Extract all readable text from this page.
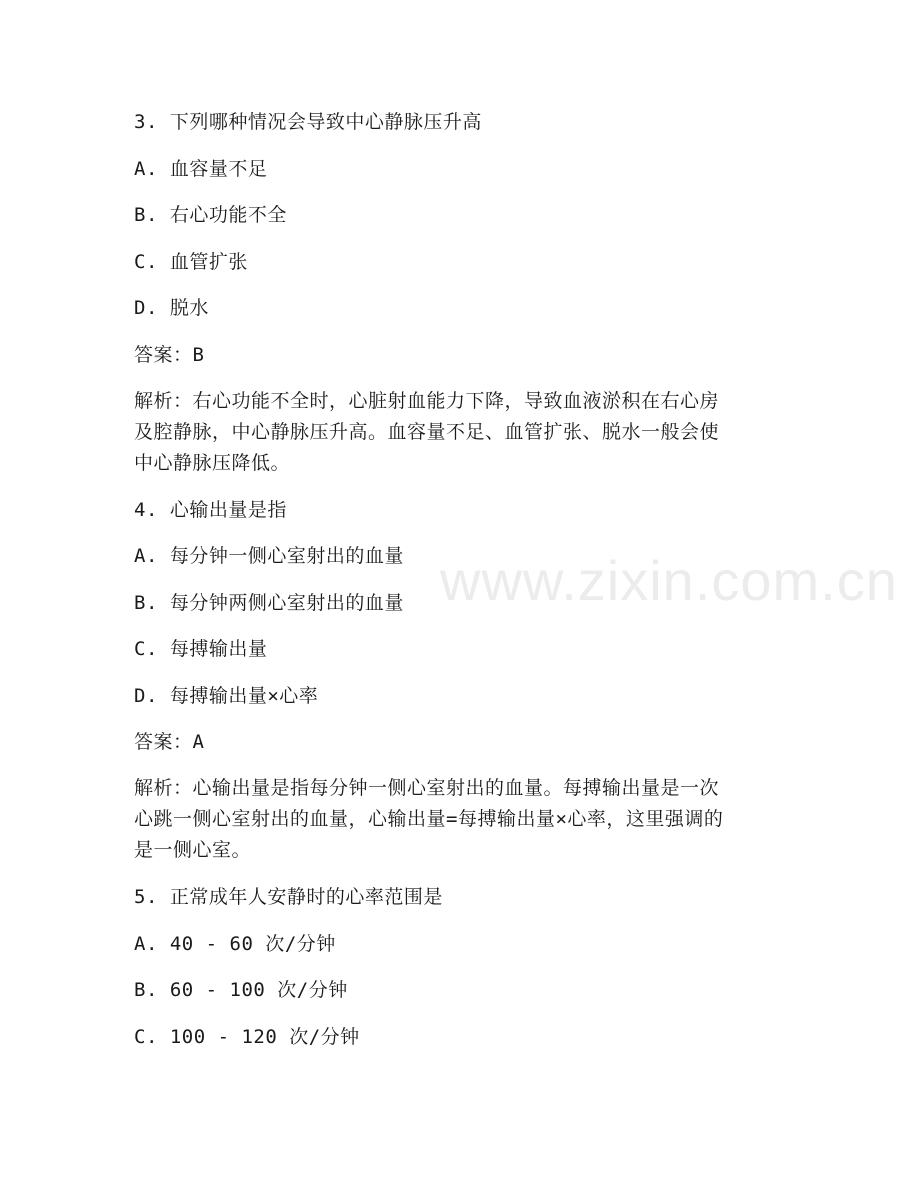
www.zixin.com.cn
3. 下列哪种情况会导致中心静脉压升高
A. 血容量不足
B. 右心功能不全
C. 血管扩张
D. 脱水
答案：B
解析：右心功能不全时，心脏射血能力下降，导致血液淤积在右心房
及腔静脉，中心静脉压升高。血容量不足、血管扩张、脱水一般会使
中心静脉压降低。
4. 心输出量是指
A. 每分钟一侧心室射出的血量
B. 每分钟两侧心室射出的血量
C. 每搏输出量
D. 每搏输出量×心率
答案：A
解析：心输出量是指每分钟一侧心室射出的血量。每搏输出量是一次
心跳一侧心室射出的血量，心输出量=每搏输出量×心率，这里强调的
是一侧心室。
5. 正常成年人安静时的心率范围是
A. 40 - 60 次/分钟
B. 60 - 100 次/分钟
C. 100 - 120 次/分钟
